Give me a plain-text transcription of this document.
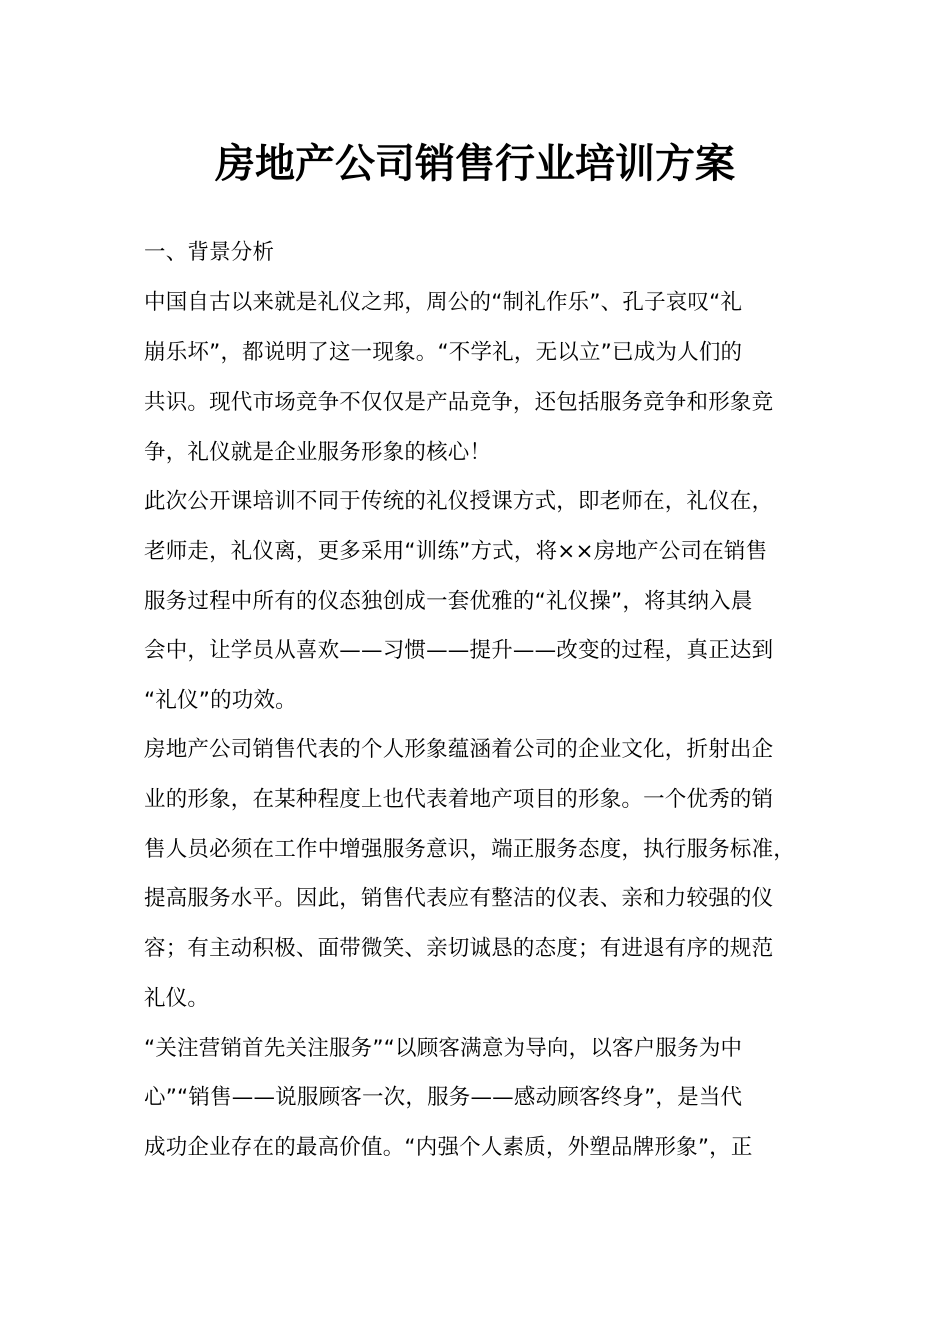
房地产公司销售行业培训方案
一、背景分析
中国自古以来就是礼仪之邦，周公的“制礼作乐”、孔子哀叹“礼
崩乐坏”，都说明了这一现象。“不学礼，无以立”已成为人们的
共识。现代市场竞争不仅仅是产品竞争，还包括服务竞争和形象竞
争，礼仪就是企业服务形象的核心！
此次公开课培训不同于传统的礼仪授课方式，即老师在，礼仪在，
老师走，礼仪离，更多采用“训练”方式，将××房地产公司在销售
服务过程中所有的仪态独创成一套优雅的“礼仪操”，将其纳入晨
会中，让学员从喜欢——习惯——提升——改变的过程，真正达到
“礼仪”的功效。
房地产公司销售代表的个人形象蕴涵着公司的企业文化，折射出企
业的形象，在某种程度上也代表着地产项目的形象。一个优秀的销
售人员必须在工作中增强服务意识，端正服务态度，执行服务标准，
提高服务水平。因此，销售代表应有整洁的仪表、亲和力较强的仪
容；有主动积极、面带微笑、亲切诚恳的态度；有进退有序的规范
礼仪。
“关注营销首先关注服务”“以顾客满意为导向，以客户服务为中
心”“销售——说服顾客一次，服务——感动顾客终身”，是当代
成功企业存在的最高价值。“内强个人素质，外塑品牌形象”，正
